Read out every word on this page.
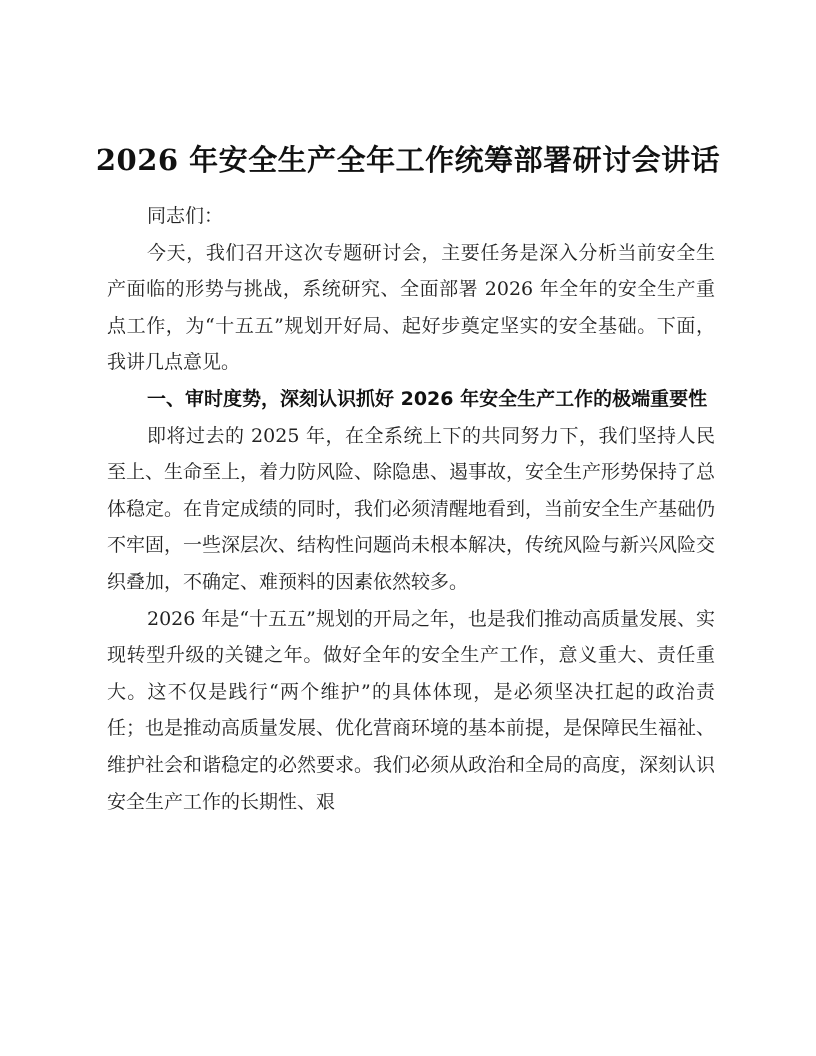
2026 年安全生产全年工作统筹部署研讨会讲话

同志们：

今天，我们召开这次专题研讨会，主要任务是深入分析当前安全生产面临的形势与挑战，系统研究、全面部署 2026 年全年的安全生产重点工作，为“十五五”规划开好局、起好步奠定坚实的安全基础。下面，我讲几点意见。

一、审时度势，深刻认识抓好 2026 年安全生产工作的极端重要性

即将过去的 2025 年，在全系统上下的共同努力下，我们坚持人民至上、生命至上，着力防风险、除隐患、遏事故，安全生产形势保持了总体稳定。在肯定成绩的同时，我们必须清醒地看到，当前安全生产基础仍不牢固，一些深层次、结构性问题尚未根本解决，传统风险与新兴风险交织叠加，不确定、难预料的因素依然较多。

2026 年是“十五五”规划的开局之年，也是我们推动高质量发展、实现转型升级的关键之年。做好全年的安全生产工作，意义重大、责任重大。这不仅是践行“两个维护”的具体体现，是必须坚决扛起的政治责任；也是推动高质量发展、优化营商环境的基本前提，是保障民生福祉、维护社会和谐稳定的必然要求。我们必须从政治和全局的高度，深刻认识安全生产工作的长期性、艰
